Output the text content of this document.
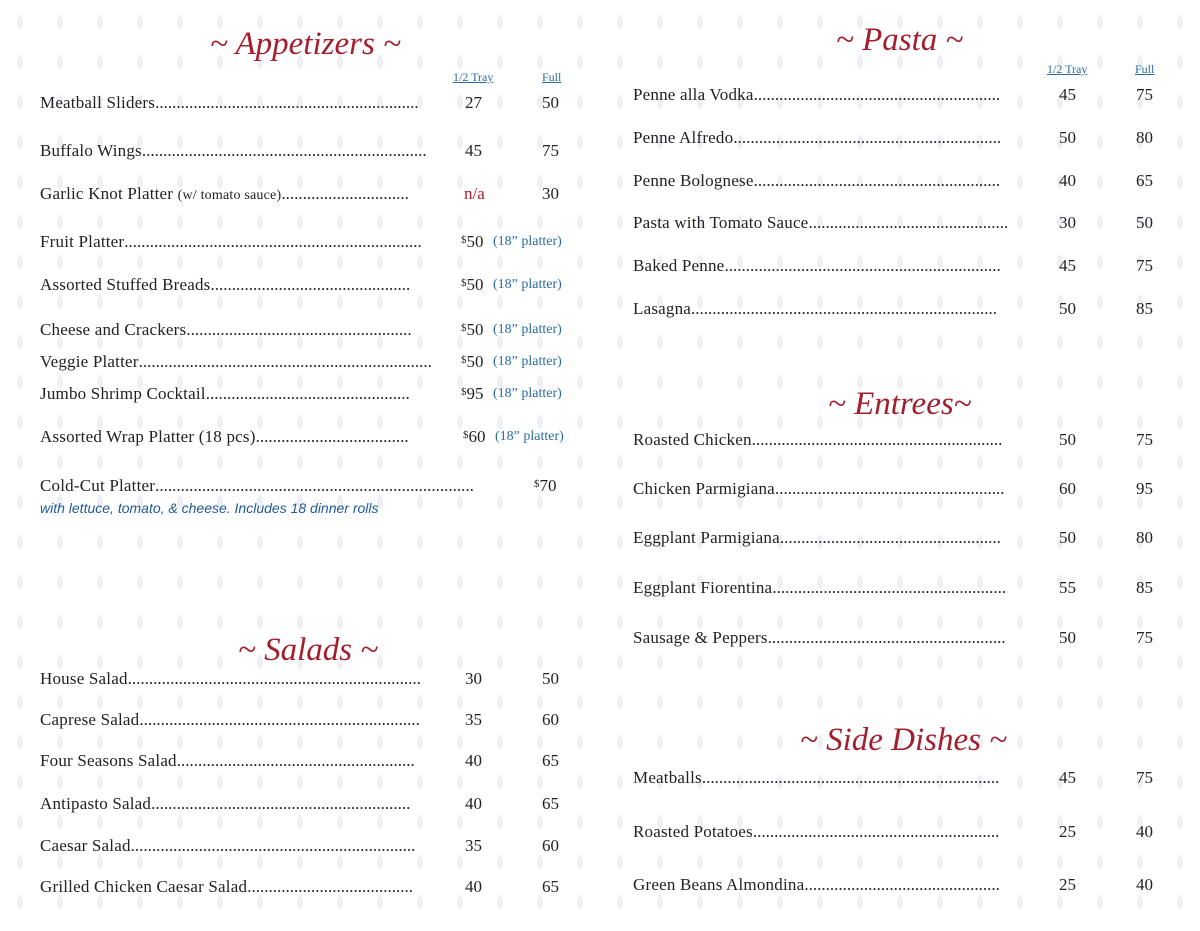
~ Appetizers ~
1/2 Tray	Full
Meatball Sliders..............................................................	27	50
Buffalo Wings................................................................... 45	75
Garlic Knot Platter (w/ tomato sauce)..............................	n/a	30
Fruit Platter......................................................................	$50 (18” platter)
Assorted Stuffed Breads...............................................	$50 (18” platter)
Cheese and Crackers.....................................................	$50 (18” platter)
Veggie Platter.....................................................................	$50 (18” platter)
Jumbo Shrimp Cocktail................................................	$95 (18” platter)
Assorted Wrap Platter (18 pcs)....................................	$60 (18” platter)
Cold-Cut Platter...........................................................................	$70
with lettuce, tomato, & cheese. Includes 18 dinner rolls
~ Salads ~
House Salad.....................................................................	30	50
Caprese Salad..................................................................	35	60
Four Seasons Salad........................................................	40	65
Antipasto Salad.............................................................	40	65
Caesar Salad...................................................................	35	60
Grilled Chicken Caesar Salad.......................................	40	65
~ Pasta ~
1/2 Tray	Full
Penne alla Vodka..........................................................	45	75
Penne Alfredo...............................................................	50	80
Penne Bolognese..........................................................	40	65
Pasta with Tomato Sauce...............................................	30	50
Baked Penne.................................................................	45	75
Lasagna........................................................................	50	85
~ Entrees~
Roasted Chicken...........................................................	50	75
Chicken Parmigiana......................................................	60	95
Eggplant Parmigiana....................................................	50	80
Eggplant Fiorentina.......................................................	55	85
Sausage & Peppers........................................................	50	75
~ Side Dishes ~
Meatballs......................................................................	45	75
Roasted Potatoes..........................................................	25	40
Green Beans Almondina..............................................	25	40
